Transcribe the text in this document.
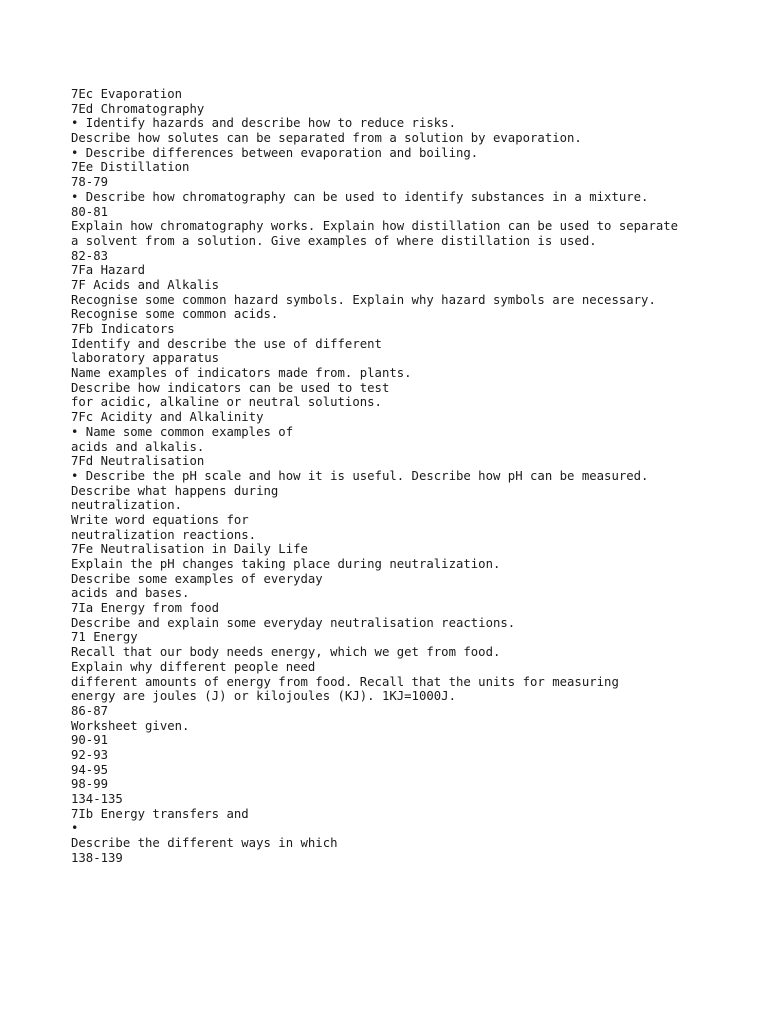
7Ec Evaporation

7Ed Chromatography

• Identify hazards and describe how to reduce risks.

Describe how solutes can be separated from a solution by evaporation.

• Describe differences between evaporation and boiling.

7Ee Distillation

78-79

• Describe how chromatography can be used to identify substances in a mixture.

80-81

Explain how chromatography works. Explain how distillation can be used to separate

a solvent from a solution. Give examples of where distillation is used.

82-83

7Fa Hazard

7F Acids and Alkalis

Recognise some common hazard symbols. Explain why hazard symbols are necessary.

Recognise some common acids.

7Fb Indicators

Identify and describe the use of different

laboratory apparatus

Name examples of indicators made from. plants.

Describe how indicators can be used to test

for acidic, alkaline or neutral solutions.

7Fc Acidity and Alkalinity

• Name some common examples of

acids and alkalis.

7Fd Neutralisation

• Describe the pH scale and how it is useful. Describe how pH can be measured.

Describe what happens during

neutralization.

Write word equations for

neutralization reactions.

7Fe Neutralisation in Daily Life

Explain the pH changes taking place during neutralization.

Describe some examples of everyday

acids and bases.

7Ia Energy from food

Describe and explain some everyday neutralisation reactions.

71 Energy

Recall that our body needs energy, which we get from food.

Explain why different people need

different amounts of energy from food. Recall that the units for measuring

energy are joules (J) or kilojoules (KJ). 1KJ=1000J.

86-87

Worksheet given.

90-91

92-93

94-95

98-99

134-135

7Ib Energy transfers and

•

Describe the different ways in which

138-139
